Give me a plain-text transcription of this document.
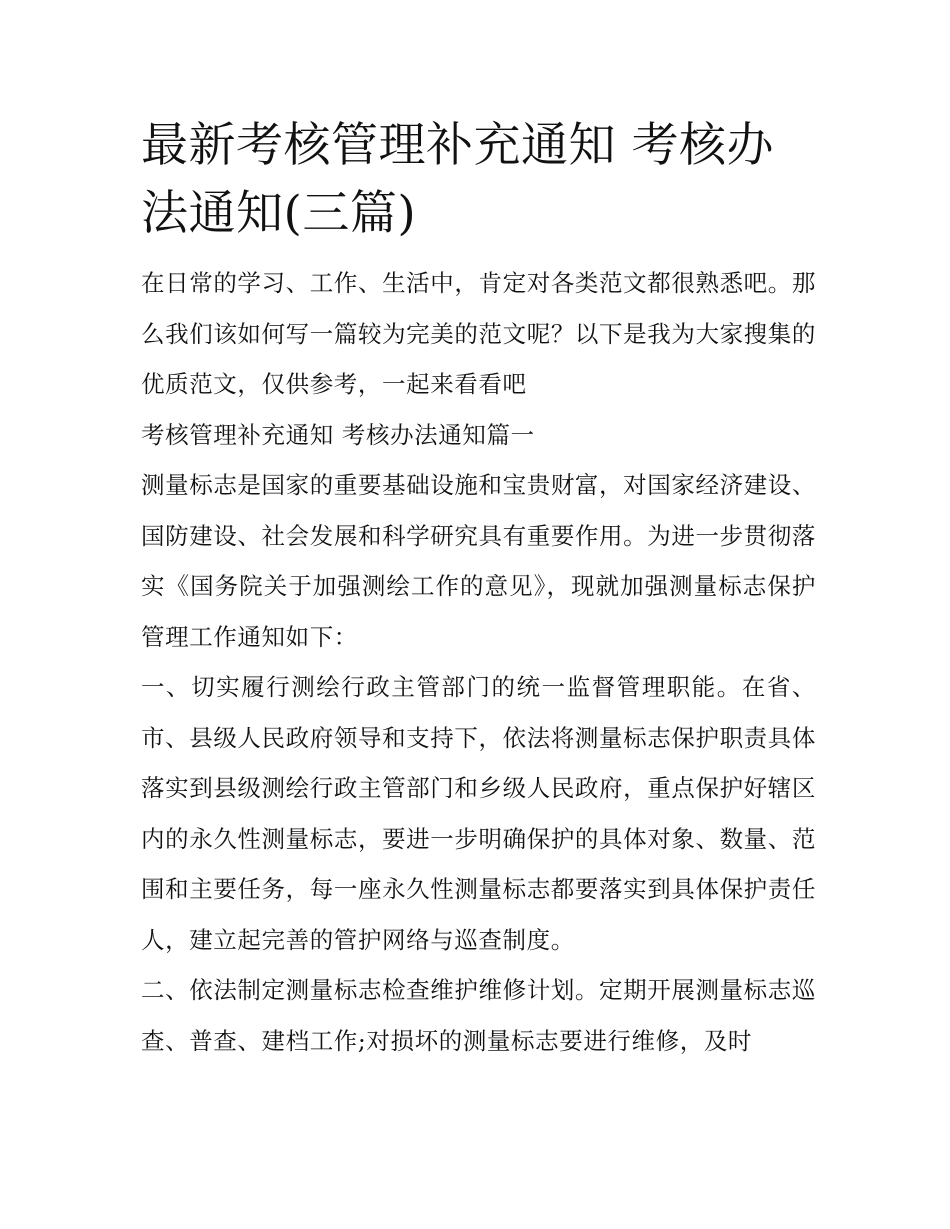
最新考核管理补充通知 考核办法通知(三篇)

在日常的学习、工作、生活中，肯定对各类范文都很熟悉吧。那么我们该如何写一篇较为完美的范文呢？以下是我为大家搜集的优质范文，仅供参考，一起来看看吧

考核管理补充通知 考核办法通知篇一

测量标志是国家的重要基础设施和宝贵财富，对国家经济建设、国防建设、社会发展和科学研究具有重要作用。为进一步贯彻落实《国务院关于加强测绘工作的意见》，现就加强测量标志保护管理工作通知如下：

一、切实履行测绘行政主管部门的统一监督管理职能。在省、市、县级人民政府领导和支持下，依法将测量标志保护职责具体落实到县级测绘行政主管部门和乡级人民政府，重点保护好辖区内的永久性测量标志，要进一步明确保护的具体对象、数量、范围和主要任务，每一座永久性测量标志都要落实到具体保护责任人，建立起完善的管护网络与巡查制度。

二、依法制定测量标志检查维护维修计划。定期开展测量标志巡查、普查、建档工作;对损坏的测量标志要进行维修，及时
